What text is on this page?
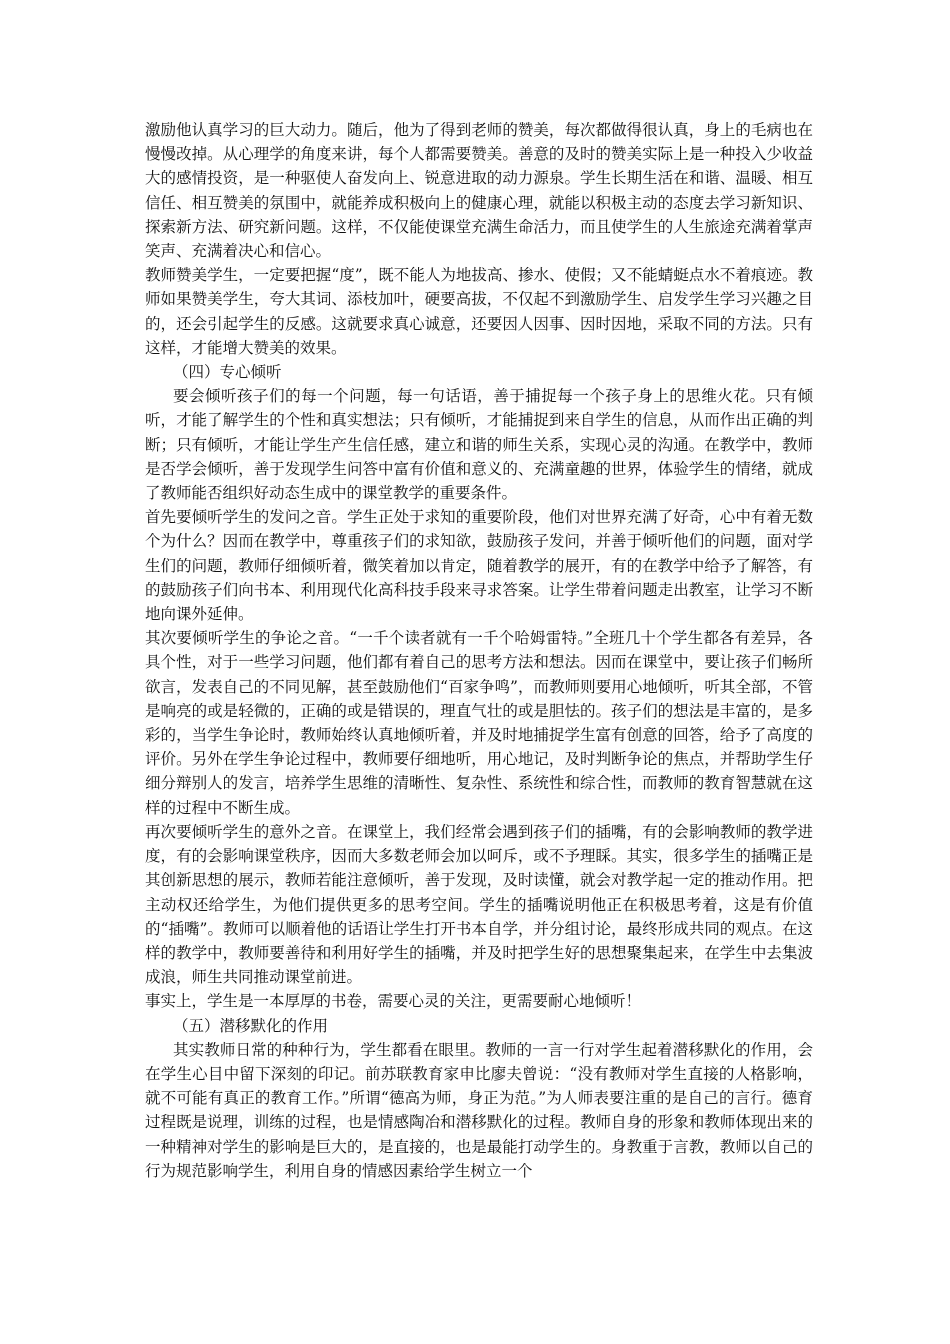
激励他认真学习的巨大动力。随后，他为了得到老师的赞美，每次都做得很认真，身上的毛病也在慢慢改掉。从心理学的角度来讲，每个人都需要赞美。善意的及时的赞美实际上是一种投入少收益大的感情投资，是一种驱使人奋发向上、锐意进取的动力源泉。学生长期生活在和谐、温暖、相互信任、相互赞美的氛围中，就能养成积极向上的健康心理，就能以积极主动的态度去学习新知识、探索新方法、研究新问题。这样，不仅能使课堂充满生命活力，而且使学生的人生旅途充满着掌声笑声、充满着决心和信心。

教师赞美学生，一定要把握“度”，既不能人为地拔高、掺水、使假；又不能蜻蜓点水不着痕迹。教师如果赞美学生，夸大其词、添枝加叶，硬要高拔，不仅起不到激励学生、启发学生学习兴趣之目的，还会引起学生的反感。这就要求真心诚意，还要因人因事、因时因地，采取不同的方法。只有这样，才能增大赞美的效果。

（四）专心倾听

要会倾听孩子们的每一个问题，每一句话语，善于捕捉每一个孩子身上的思维火花。只有倾听，才能了解学生的个性和真实想法；只有倾听，才能捕捉到来自学生的信息，从而作出正确的判断；只有倾听，才能让学生产生信任感，建立和谐的师生关系，实现心灵的沟通。在教学中，教师是否学会倾听，善于发现学生问答中富有价值和意义的、充满童趣的世界，体验学生的情绪，就成了教师能否组织好动态生成中的课堂教学的重要条件。

首先要倾听学生的发问之音。学生正处于求知的重要阶段，他们对世界充满了好奇，心中有着无数个为什么？因而在教学中，尊重孩子们的求知欲，鼓励孩子发问，并善于倾听他们的问题，面对学生们的问题，教师仔细倾听着，微笑着加以肯定，随着教学的展开，有的在教学中给予了解答，有的鼓励孩子们向书本、利用现代化高科技手段来寻求答案。让学生带着问题走出教室，让学习不断地向课外延伸。

其次要倾听学生的争论之音。“一千个读者就有一千个哈姆雷特。”全班几十个学生都各有差异，各具个性，对于一些学习问题，他们都有着自己的思考方法和想法。因而在课堂中，要让孩子们畅所欲言，发表自己的不同见解，甚至鼓励他们“百家争鸣”，而教师则要用心地倾听，听其全部，不管是响亮的或是轻微的，正确的或是错误的，理直气壮的或是胆怯的。孩子们的想法是丰富的，是多彩的，当学生争论时，教师始终认真地倾听着，并及时地捕捉学生富有创意的回答，给予了高度的评价。另外在学生争论过程中，教师要仔细地听，用心地记，及时判断争论的焦点，并帮助学生仔细分辩别人的发言，培养学生思维的清晰性、复杂性、系统性和综合性，而教师的教育智慧就在这样的过程中不断生成。

再次要倾听学生的意外之音。在课堂上，我们经常会遇到孩子们的插嘴，有的会影响教师的教学进度，有的会影响课堂秩序，因而大多数老师会加以呵斥，或不予理睬。其实，很多学生的插嘴正是其创新思想的展示，教师若能注意倾听，善于发现，及时读懂，就会对教学起一定的推动作用。把主动权还给学生，为他们提供更多的思考空间。学生的插嘴说明他正在积极思考着，这是有价值的“插嘴”。教师可以顺着他的话语让学生打开书本自学，并分组讨论，最终形成共同的观点。在这样的教学中，教师要善待和利用好学生的插嘴，并及时把学生好的思想聚集起来，在学生中去集波成浪，师生共同推动课堂前进。

事实上，学生是一本厚厚的书卷，需要心灵的关注，更需要耐心地倾听！

（五）潜移默化的作用

其实教师日常的种种行为，学生都看在眼里。教师的一言一行对学生起着潜移默化的作用，会在学生心目中留下深刻的印记。前苏联教育家申比廖夫曾说：“没有教师对学生直接的人格影响，就不可能有真正的教育工作。”所谓“德高为师，身正为范。”为人师表要注重的是自己的言行。德育过程既是说理，训练的过程，也是情感陶冶和潜移默化的过程。教师自身的形象和教师体现出来的一种精神对学生的影响是巨大的，是直接的，也是最能打动学生的。身教重于言教，教师以自己的行为规范影响学生，利用自身的情感因素给学生树立一个
